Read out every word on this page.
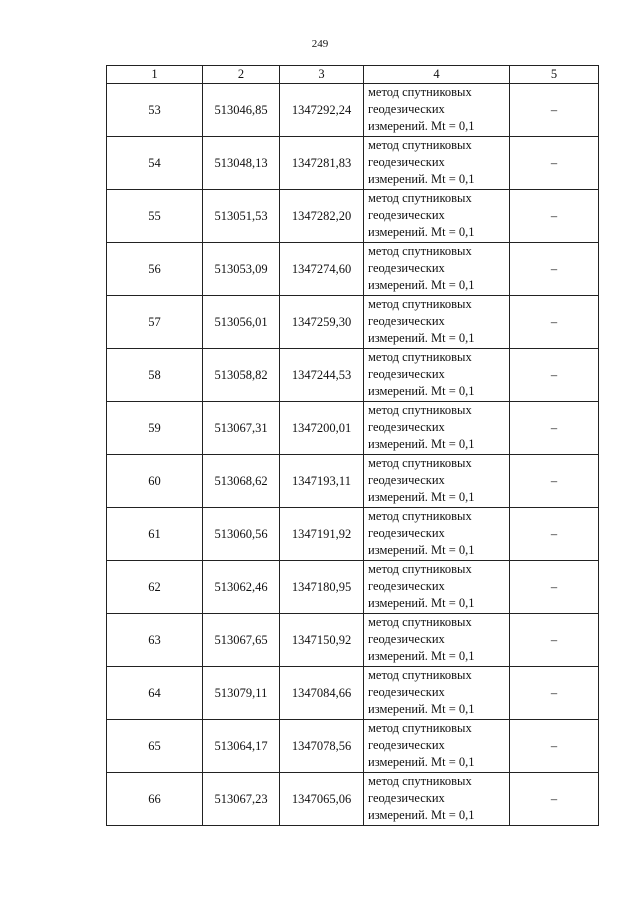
249
1	2	3	4	5
53	513046,85	1347292,24	метод спутниковых
геодезических
измерений. Mt = 0,1	–
54	513048,13	1347281,83	метод спутниковых
геодезических
измерений. Mt = 0,1	–
55	513051,53	1347282,20	метод спутниковых
геодезических
измерений. Mt = 0,1	–
56	513053,09	1347274,60	метод спутниковых
геодезических
измерений. Mt = 0,1	–
57	513056,01	1347259,30	метод спутниковых
геодезических
измерений. Mt = 0,1	–
58	513058,82	1347244,53	метод спутниковых
геодезических
измерений. Mt = 0,1	–
59	513067,31	1347200,01	метод спутниковых
геодезических
измерений. Mt = 0,1	–
60	513068,62	1347193,11	метод спутниковых
геодезических
измерений. Mt = 0,1	–
61	513060,56	1347191,92	метод спутниковых
геодезических
измерений. Mt = 0,1	–
62	513062,46	1347180,95	метод спутниковых
геодезических
измерений. Mt = 0,1	–
63	513067,65	1347150,92	метод спутниковых
геодезических
измерений. Mt = 0,1	–
64	513079,11	1347084,66	метод спутниковых
геодезических
измерений. Mt = 0,1	–
65	513064,17	1347078,56	метод спутниковых
геодезических
измерений. Mt = 0,1	–
66	513067,23	1347065,06	метод спутниковых
геодезических
измерений. Mt = 0,1	–
